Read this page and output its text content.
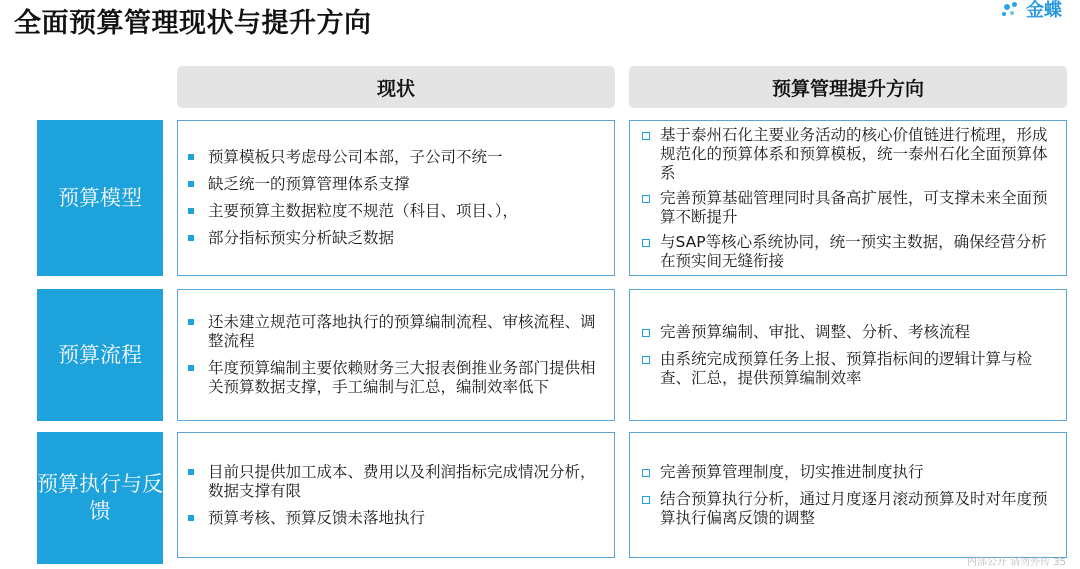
全面预算管理现状与提升方向	金蝶
现状	预算管理提升方向
预算模型
预算模板只考虑母公司本部，子公司不统一
缺乏统一的预算管理体系支撑
主要预算主数据粒度不规范（科目、项目、），
部分指标预实分析缺乏数据
基于泰州石化主要业务活动的核心价值链进行梳理，形成规范化的预算体系和预算模板，统一泰州石化全面预算体系
完善预算基础管理同时具备高扩展性，可支撑未来全面预算不断提升
与SAP等核心系统协同，统一预实主数据，确保经营分析在预实间无缝衔接
预算流程
还未建立规范可落地执行的预算编制流程、审核流程、调整流程
年度预算编制主要依赖财务三大报表倒推业务部门提供相关预算数据支撑，手工编制与汇总，编制效率低下
完善预算编制、审批、调整、分析、考核流程
由系统完成预算任务上报、预算指标间的逻辑计算与检查、汇总，提供预算编制效率
预算执行与反馈
目前只提供加工成本、费用以及利润指标完成情况分析，数据支撑有限
预算考核、预算反馈未落地执行
完善预算管理制度，切实推进制度执行
结合预算执行分析，通过月度逐月滚动预算及时对年度预算执行偏离反馈的调整
内部公开 请勿外传 35
